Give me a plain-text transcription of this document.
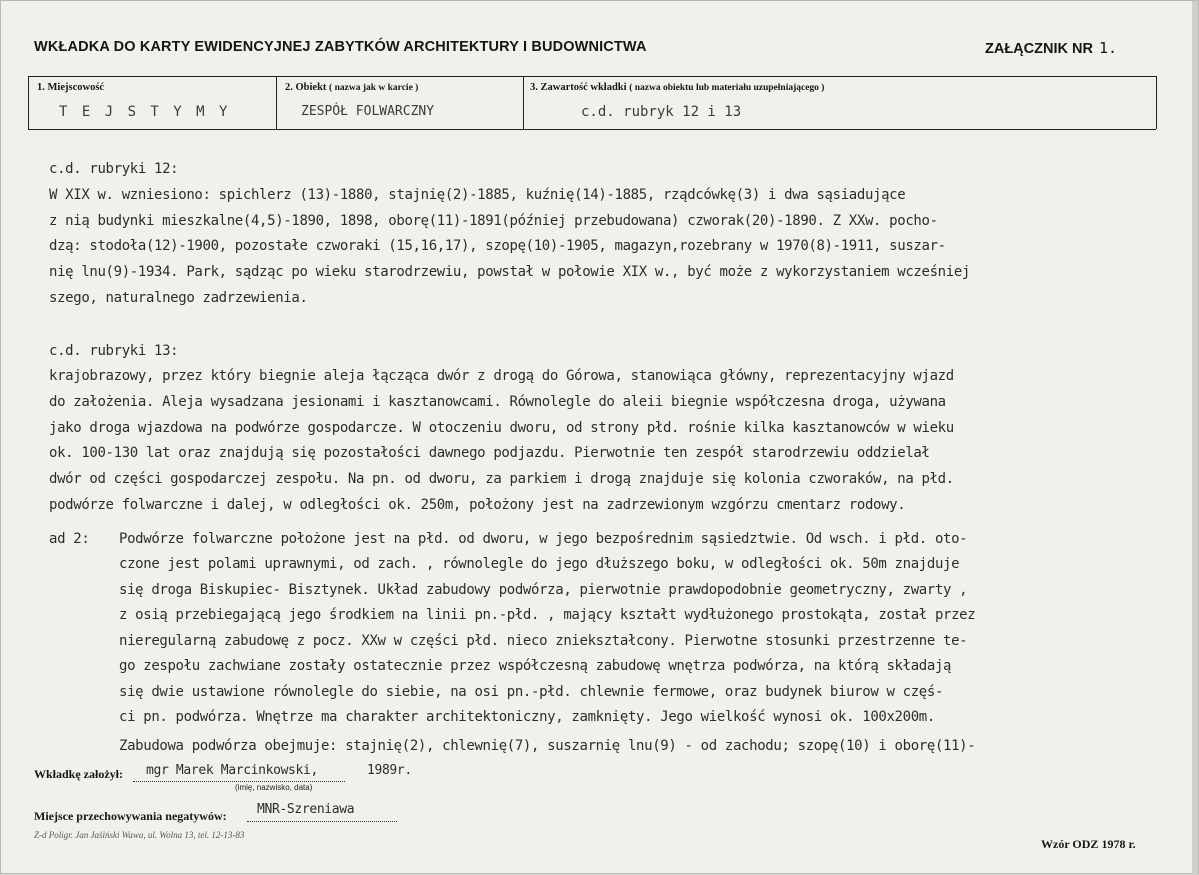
WKŁADKA DO KARTY EWIDENCYJNEJ ZABYTKÓW ARCHITEKTURY I BUDOWNICTWA	ZAŁĄCZNIK NR 1.
1. Miejscowość
T E J S T Y M Y
2. Obiekt ( nazwa jak w karcie )
ZESPÓŁ FOLWARCZNY
3. Zawartość wkładki ( nazwa obiektu lub materiału uzupełniającego )
c.d. rubryk 12 i 13
c.d. rubryki 12:
W XIX w. wzniesiono: spichlerz (13)-1880, stajnię(2)-1885, kuźnię(14)-1885, rządcówkę(3) i dwa sąsiadujące
z nią budynki mieszkalne(4,5)-1890, 1898, oborę(11)-1891(później przebudowana) czworak(20)-1890. Z XXw. pocho-
dzą: stodoła(12)-1900, pozostałe czworaki (15,16,17), szopę(10)-1905, magazyn,rozebrany w 1970(8)-1911, suszar-
nię lnu(9)-1934. Park, sądząc po wieku starodrzewiu, powstał w połowie XIX w., być może z wykorzystaniem wcześniej
szego, naturalnego zadrzewienia.
c.d. rubryki 13:
krajobrazowy, przez który biegnie aleja łącząca dwór z drogą do Górowa, stanowiąca główny, reprezentacyjny wjazd
do założenia. Aleja wysadzana jesionami i kasztanowcami. Równolegle do aleii biegnie współczesna droga, używana
jako droga wjazdowa na podwórze gospodarcze. W otoczeniu dworu, od strony płd. rośnie kilka kasztanowców w wieku
ok. 100-130 lat oraz znajdują się pozostałości dawnego podjazdu. Pierwotnie ten zespół starodrzewiu oddzielał
dwór od części gospodarczej zespołu. Na pn. od dworu, za parkiem i drogą znajduje się kolonia czworaków, na płd.
podwórze folwarczne i dalej, w odległości ok. 250m, położony jest na zadrzewionym wzgórzu cmentarz rodowy.
ad 2: Podwórze folwarczne położone jest na płd. od dworu, w jego bezpośrednim sąsiedztwie. Od wsch. i płd. oto-
czone jest polami uprawnymi, od zach. , równolegle do jego dłuższego boku, w odległości ok. 50m znajduje
się droga Biskupiec- Bisztynek. Układ zabudowy podwórza, pierwotnie prawdopodobnie geometryczny, zwarty ,
z osią przebiegającą jego środkiem na linii pn.-płd. , mający kształt wydłużonego prostokąta, został przez
nieregularną zabudowę z pocz. XXw w części płd. nieco zniekształcony. Pierwotne stosunki przestrzenne te-
go zespołu zachwiane zostały ostatecznie przez współczesną zabudowę wnętrza podwórza, na którą składają
się dwie ustawione równolegle do siebie, na osi pn.-płd. chlewnie fermowe, oraz budynek biurow w częś-
ci pn. podwórza. Wnętrze ma charakter architektoniczny, zamknięty. Jego wielkość wynosi ok. 100x200m.
Zabudowa podwórza obejmuje: stajnię(2), chlewnię(7), suszarnię lnu(9) - od zachodu; szopę(10) i oborę(11)-
Wkładkę założył: mgr Marek Marcinkowski,	1989r.
(imię, nazwisko, data)
Miejsce przechowywania negatywów: MNR-Szreniawa
Z-d Poligr. Jan Jaśiński Wawa, ul. Wolna 13, tel. 12-13-83
Wzór ODZ 1978 r.
